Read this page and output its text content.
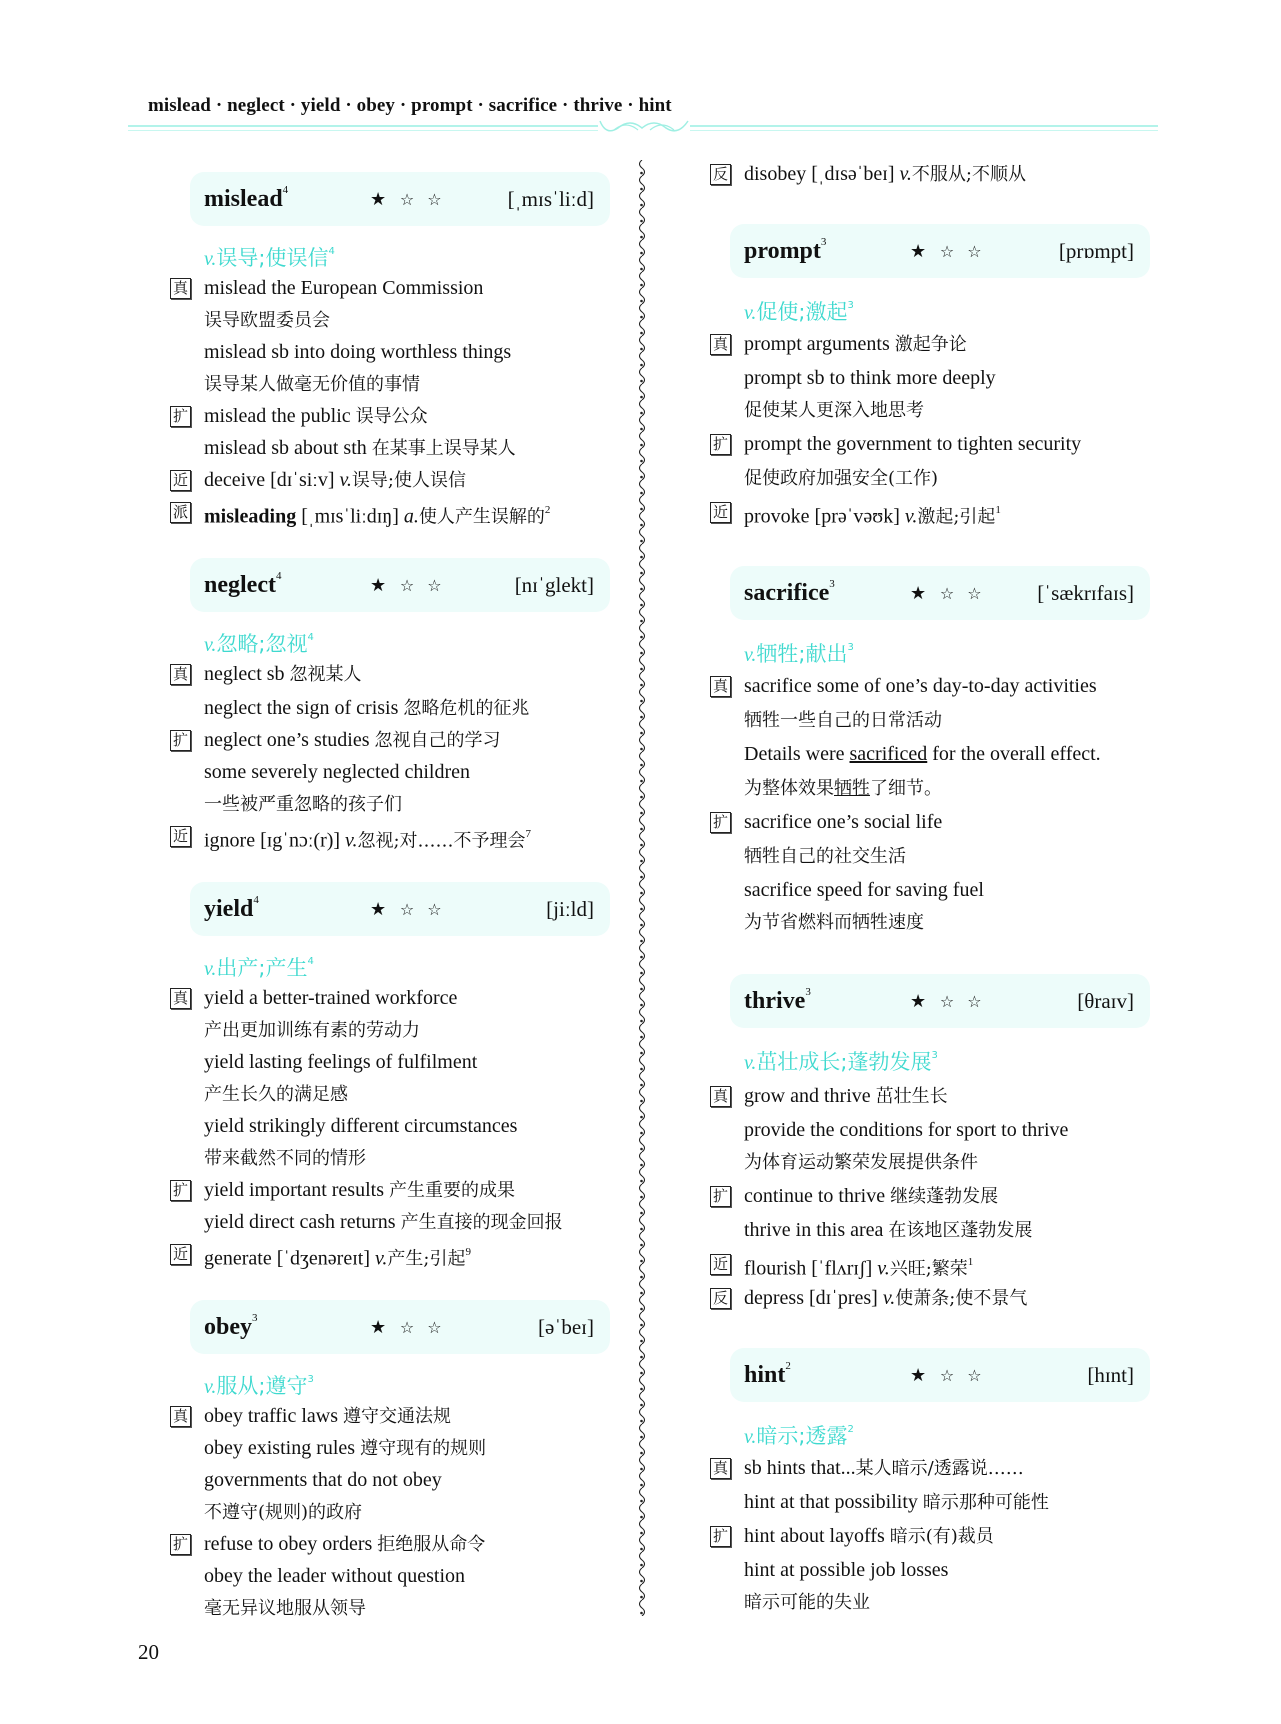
mislead · neglect · yield · obey · prompt · sacrifice · thrive · hint
mislead$^4$	★ ☆ ☆	[ˌmɪsˈliːd]
v.误导;使误信$^4$
真 mislead the European Commission
误导欧盟委员会
mislead sb into doing worthless things
误导某人做毫无价值的事情
扩 mislead the public 误导公众
mislead sb about sth 在某事上误导某人
近 deceive [dɪˈsiːv] v.误导;使人误信
派 misleading [ˌmɪsˈliːdɪŋ] a.使人产生误解的$^2$
neglect$^4$	★ ☆ ☆	[nɪˈglekt]
v.忽略;忽视$^4$
真 neglect sb 忽视某人
neglect the sign of crisis 忽略危机的征兆
扩 neglect one’s studies 忽视自己的学习
some severely neglected children
一些被严重忽略的孩子们
近 ignore [ɪgˈnɔː(r)] v.忽视;对……不予理会$^7$
yield$^4$	★ ☆ ☆	[jiːld]
v.出产;产生$^4$
真 yield a better-trained workforce
产出更加训练有素的劳动力
yield lasting feelings of fulfilment
产生长久的满足感
yield strikingly different circumstances
带来截然不同的情形
扩 yield important results 产生重要的成果
yield direct cash returns 产生直接的现金回报
近 generate [ˈdʒenəreɪt] v.产生;引起$^9$
obey$^3$	★ ☆ ☆	[əˈbeɪ]
v.服从;遵守$^3$
真 obey traffic laws 遵守交通法规
obey existing rules 遵守现有的规则
governments that do not obey
不遵守(规则)的政府
扩 refuse to obey orders 拒绝服从命令
obey the leader without question
毫无异议地服从领导
反 disobey [ˌdɪsəˈbeɪ] v.不服从;不顺从
prompt$^3$	★ ☆ ☆	[prɒmpt]
v.促使;激起$^3$
真 prompt arguments 激起争论
prompt sb to think more deeply
促使某人更深入地思考
扩 prompt the government to tighten security
促使政府加强安全(工作)
近 provoke [prəˈvəʊk] v.激起;引起$^1$
sacrifice$^3$	★ ☆ ☆ [ˈsækrɪfaɪs]
v.牺牲;献出$^3$
真 sacrifice some of one’s day-to-day activities
牺牲一些自己的日常活动
Details were sacrificed for the overall effect.
为整体效果牺牲了细节。
扩 sacrifice one’s social life
牺牲自己的社交生活
sacrifice speed for saving fuel
为节省燃料而牺牲速度
thrive$^3$	★ ☆ ☆	[θraɪv]
v.茁壮成长;蓬勃发展$^3$
真 grow and thrive 茁壮生长
provide the conditions for sport to thrive
为体育运动繁荣发展提供条件
扩 continue to thrive 继续蓬勃发展
thrive in this area 在该地区蓬勃发展
近 flourish [ˈflʌrɪʃ] v.兴旺;繁荣$^1$
反 depress [dɪˈpres] v.使萧条;使不景气
hint$^2$	★ ☆ ☆	[hɪnt]
v.暗示;透露$^2$
真 sb hints that...某人暗示/透露说……
hint at that possibility 暗示那种可能性
扩 hint about layoffs 暗示(有)裁员
hint at possible job losses
暗示可能的失业
20
